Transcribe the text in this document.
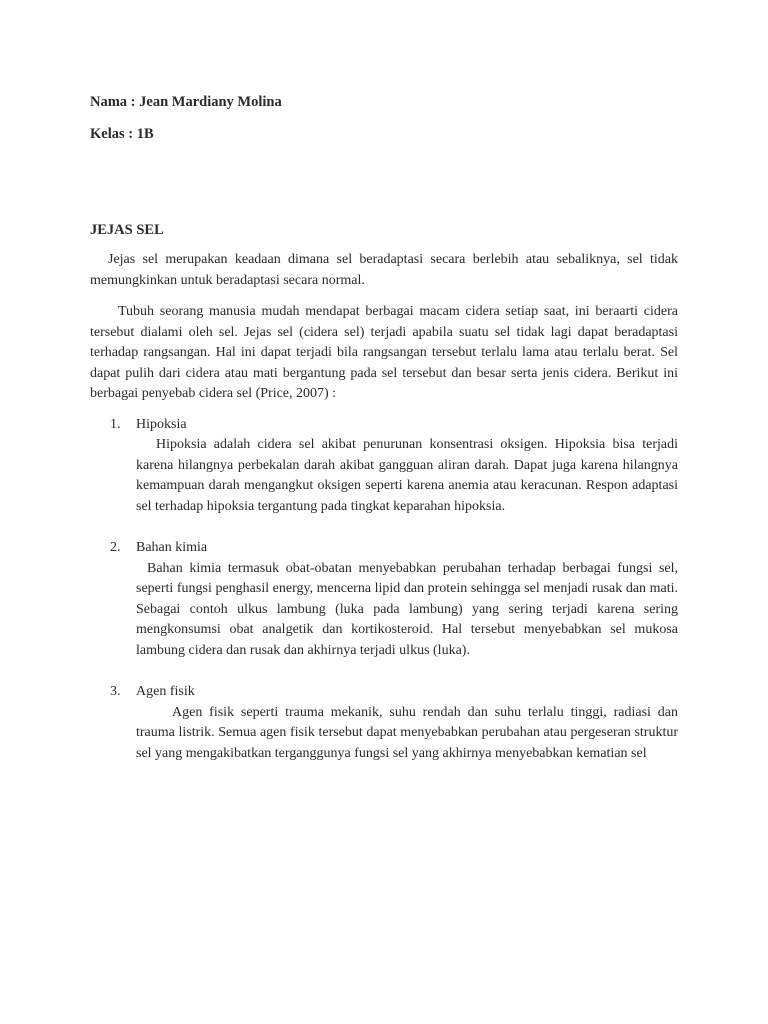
Nama : Jean Mardiany Molina

Kelas : 1B

JEJAS SEL

Jejas sel merupakan keadaan dimana sel beradaptasi secara berlebih atau sebaliknya, sel tidak memungkinkan untuk beradaptasi secara normal.

Tubuh seorang manusia mudah mendapat berbagai macam cidera setiap saat, ini beraarti cidera tersebut dialami oleh sel. Jejas sel (cidera sel) terjadi apabila suatu sel tidak lagi dapat beradaptasi terhadap rangsangan. Hal ini dapat terjadi bila rangsangan tersebut terlalu lama atau terlalu berat. Sel dapat pulih dari cidera atau mati bergantung pada sel tersebut dan besar serta jenis cidera. Berikut ini berbagai penyebab cidera sel (Price, 2007) :

1. Hipoksia

Hipoksia adalah cidera sel akibat penurunan konsentrasi oksigen. Hipoksia bisa terjadi karena hilangnya perbekalan darah akibat gangguan aliran darah. Dapat juga karena hilangnya kemampuan darah mengangkut oksigen seperti karena anemia atau keracunan. Respon adaptasi sel terhadap hipoksia tergantung pada tingkat keparahan hipoksia.

2. Bahan kimia

Bahan kimia termasuk obat-obatan menyebabkan perubahan terhadap berbagai fungsi sel, seperti fungsi penghasil energy, mencerna lipid dan protein sehingga sel menjadi rusak dan mati. Sebagai contoh ulkus lambung (luka pada lambung) yang sering terjadi karena sering mengkonsumsi obat analgetik dan kortikosteroid. Hal tersebut menyebabkan sel mukosa lambung cidera dan rusak dan akhirnya terjadi ulkus (luka).

3. Agen fisik

Agen fisik seperti trauma mekanik, suhu rendah dan suhu terlalu tinggi, radiasi dan trauma listrik. Semua agen fisik tersebut dapat menyebabkan perubahan atau pergeseran struktur sel yang mengakibatkan terganggunya fungsi sel yang akhirnya menyebabkan kematian sel
